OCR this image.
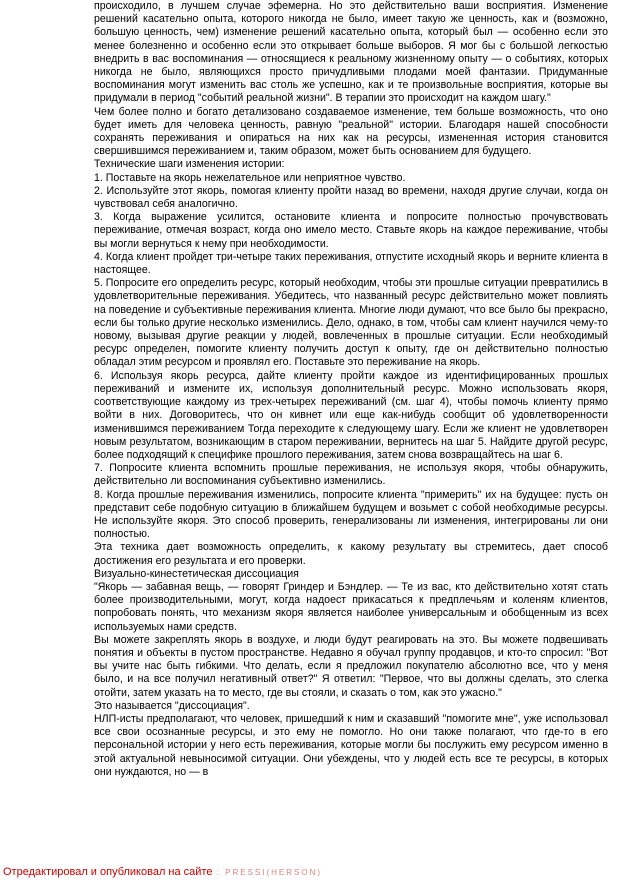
происходило, в лучшем случае эфемерна. Но это действительно ваши восприятия. Изменение решений касательно опыта, которого никогда не было, имеет такую же ценность, как и (возможно, большую ценность, чем) изменение решений касательно опыта, который был — особенно если это менее болезненно и особенно если это открывает больше выборов. Я мог бы с большой легкостью внедрить в вас воспоминания — относящиеся к реальному жизненному опыту — о событиях, которых никогда не было, являющихся просто причудливыми плодами моей фантазии. Придуманные воспоминания могут изменить вас столь же успешно, как и те произвольные восприятия, которые вы придумали в период "событий реальной жизни". В терапии это происходит на каждом шагу."

Чем более полно и богато детализовано создаваемое изменение, тем больше возможность, что оно будет иметь для человека ценность, равную "реальной" истории. Благодаря нашей способности сохранять переживания и опираться на них как на ресурсы, измененная история становится свершившимся переживанием и, таким образом, может быть основанием для будущего.

Технические шаги изменения истории:

1. Поставьте на якорь нежелательное или неприятное чувство.

2. Используйте этот якорь, помогая клиенту пройти назад во времени, находя другие случаи, когда он чувствовал себя аналогично.

3. Когда выражение усилится, остановите клиента и попросите полностью прочувствовать переживание, отмечая возраст, когда оно имело место. Ставьте якорь на каждое переживание, чтобы вы могли вернуться к нему при необходимости.

4. Когда клиент пройдет три-четыре таких переживания, отпустите исходный якорь и верните клиента в настоящее.

5. Попросите его определить ресурс, который необходим, чтобы эти прошлые ситуации превратились в удовлетворительные переживания. Убедитесь, что названный ресурс действительно может повлиять на поведение и субъективные переживания клиента. Многие люди думают, что все было бы прекрасно, если бы только другие несколько изменились. Дело, однако, в том, чтобы сам клиент научился чему-то новому, вызывая другие реакции у людей, вовлеченных в прошлые ситуации. Если необходимый ресурс определен, помогите клиенту получить доступ к опыту, где он действительно полностью обладал этим ресурсом и проявлял его. Поставьте это переживание на якорь.

6. Используя якорь ресурса, дайте клиенту пройти каждое из идентифицированных прошлых переживаний и измените их, используя дополнительный ресурс. Можно использовать якоря, соответствующие каждому из трех-четырех переживаний (см. шаг 4), чтобы помочь клиенту прямо войти в них. Договоритесь, что он кивнет или еще как-нибудь сообщит об удовлетворенности изменившимся переживанием Тогда переходите к следующему шагу. Если же клиент не удовлетворен новым результатом, возникающим в старом переживании, вернитесь на шаг 5. Найдите другой ресурс, более подходящий к специфике прошлого переживания, затем снова возвращайтесь на шаг 6.

7. Попросите клиента вспомнить прошлые переживания, не используя якоря, чтобы обнаружить, действительно ли воспоминания субъективно изменились.

8. Когда прошлые переживания изменились, попросите клиента "примерить" их на будущее: пусть он представит себе подобную ситуацию в ближайшем будущем и возьмет с собой необходимые ресурсы. Не используйте якоря. Это способ проверить, генерализованы ли изменения, интегрированы ли они полностью.

Эта техника дает возможность определить, к какому результату вы стремитесь, дает способ достижения его результата и его проверки.

Визуально-кинестетическая диссоциация

"Якорь — забавная вещь, — говорят Гриндер и Бэндлер. — Те из вас, кто действительно хотят стать более производительными, могут, когда надоест прикасаться к предплечьям и коленям клиентов, попробовать понять, что механизм якоря является наиболее универсальным и обобщенным из всех используемых нами средств.

Вы можете закреплять якорь в воздухе, и люди будут реагировать на это. Вы можете подвешивать понятия и объекты в пустом пространстве. Недавно я обучал группу продавцов, и кто-то спросил: "Вот вы учите нас быть гибкими. Что делать, если я предложил покупателю абсолютно все, что у меня было, и на все получил негативный ответ?" Я ответил: "Первое, что вы должны сделать, это слегка отойти, затем указать на то место, где вы стояли, и сказать о том, как это ужасно."

Это называется "диссоциация".

НЛП-исты предполагают, что человек, пришедший к ним и сказавший "помогите мне", уже использовал все свои осознанные ресурсы, и это ему не помогло. Но они также полагают, что где-то в его персональной истории у него есть переживания, которые могли бы послужить ему ресурсом именно в этой актуальной невыносимой ситуации. Они убеждены, что у людей есть все те ресурсы, в которых они нуждаются, но — в

Отредактировал и опубликовал на сайте : PRESSI(HERSON)
